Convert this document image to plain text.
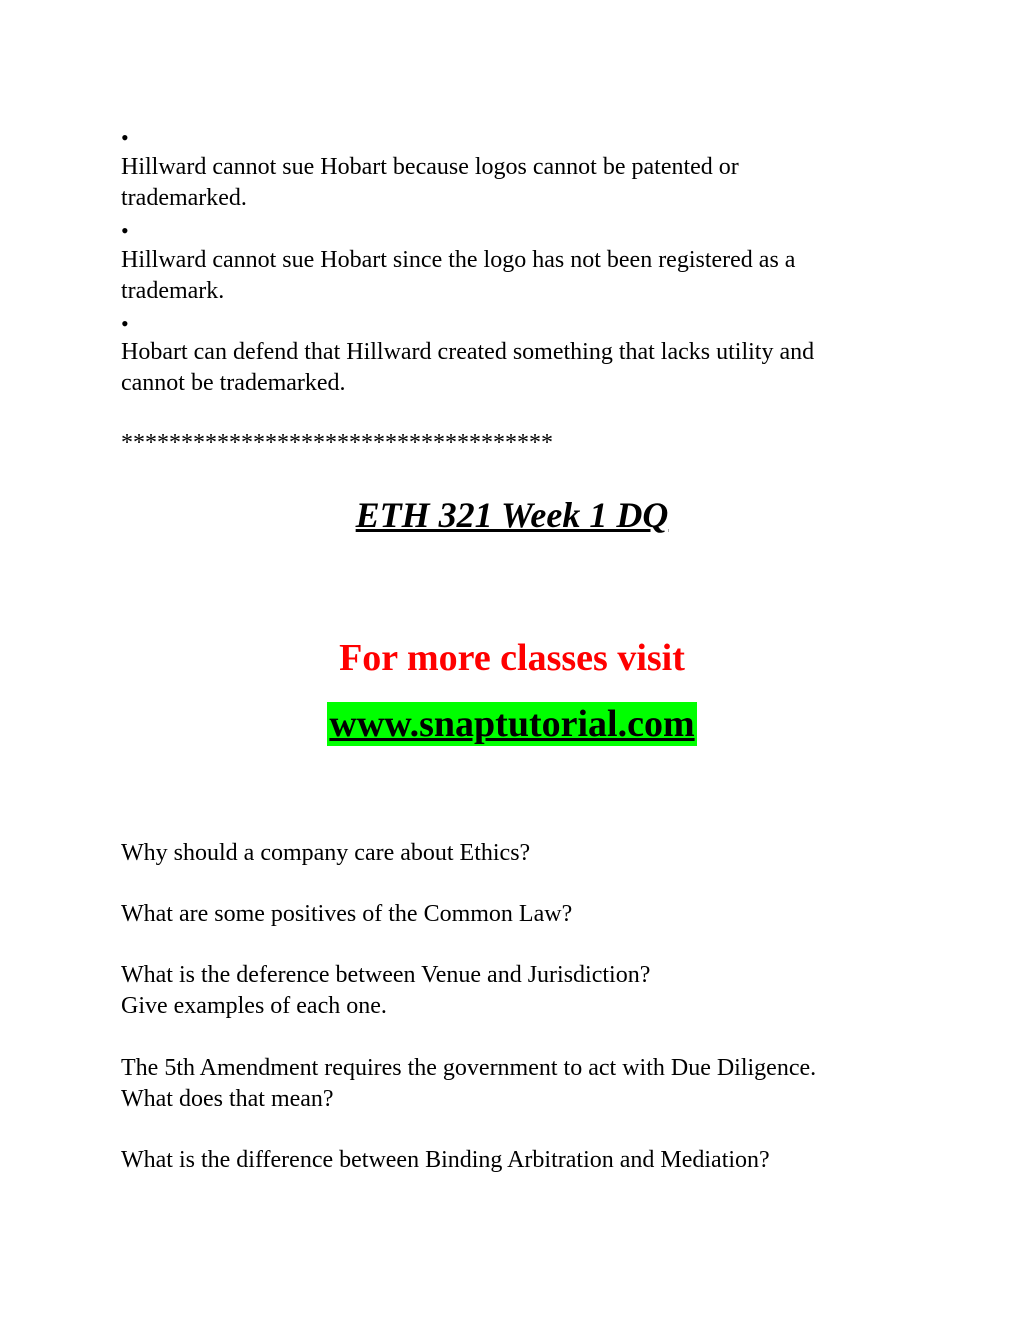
•

Hillward cannot sue Hobart because logos cannot be patented or

trademarked.

•

Hillward cannot sue Hobart since the logo has not been registered as a

trademark.

•

Hobart can defend that Hillward created something that lacks utility and

cannot be trademarked.

************************************

ETH 321 Week 1 DQ
For more classes visit
www.snaptutorial.com

Why should a company care about Ethics?

What are some positives of the Common Law?

What is the deference between Venue and Jurisdiction?

Give examples of each one.

The 5th Amendment requires the government to act with Due Diligence.

What does that mean?

What is the difference between Binding Arbitration and Mediation?
